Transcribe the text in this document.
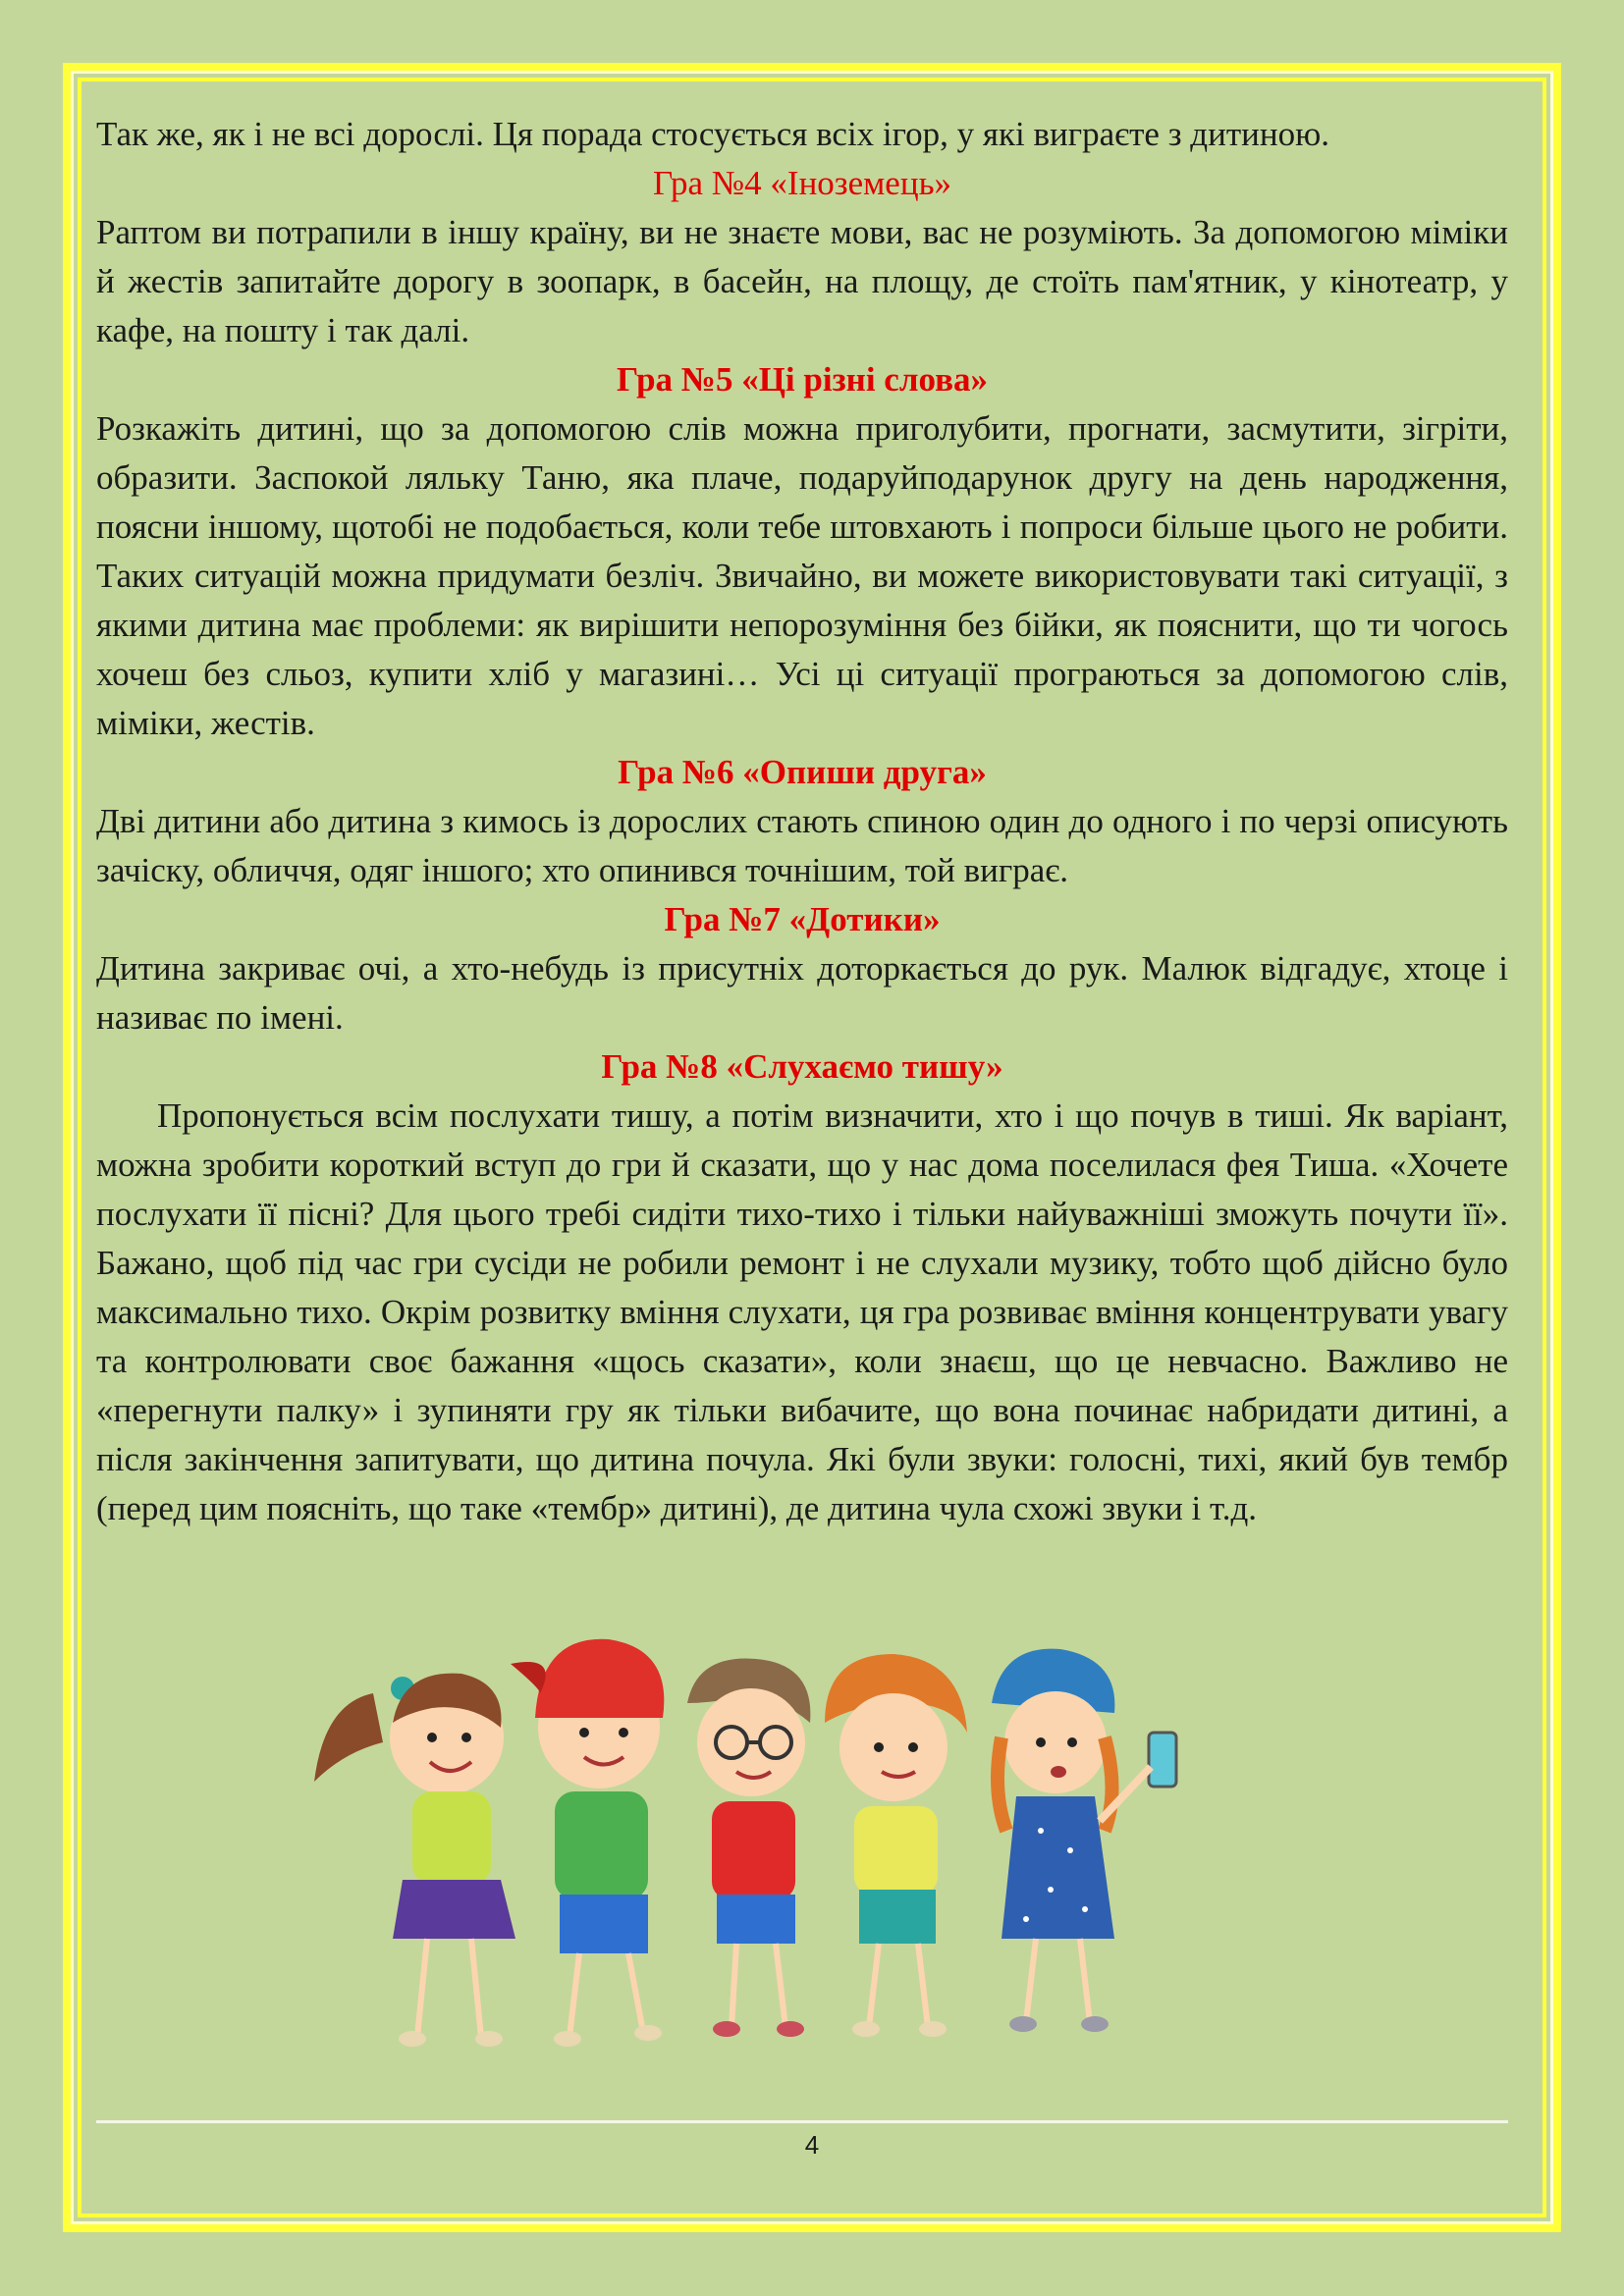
Так же, як і не всі дорослі. Ця порада стосується всіх ігор, у які виграєте з дитиною.

Гра №4 «Іноземець»

Раптом ви потрапили в іншу країну, ви не знаєте мови, вас не розуміють. За допомогою міміки й жестів запитайте дорогу в зоопарк, в басейн, на площу, де стоїть пам'ятник, у кінотеатр, у кафе, на пошту і так далі.

Гра №5 «Ці різні слова»

Розкажіть дитині, що за допомогою слів можна приголубити, прогнати, засмутити, зігріти, образити. Заспокой ляльку Таню, яка плаче, подаруйподарунок другу на день народження, поясни іншому, щотобі не подобається, коли тебе штовхають і попроси більше цього не робити. Таких ситуацій можна придумати безліч. Звичайно, ви можете використовувати такі ситуації, з якими дитина має проблеми: як вирішити непорозуміння без бійки, як пояснити, що ти чогось хочеш без сльоз, купити хліб у магазині… Усі ці ситуації програються за допомогою слів, міміки, жестів.

Гра №6 «Опиши друга»

Дві дитини або дитина з кимось із дорослих стають спиною один до одного і по черзі описують зачіску, обличчя, одяг іншого; хто опинився точнішим, той виграє.

Гра №7 «Дотики»

Дитина закриває очі, а хто-небудь із присутніх доторкається до рук. Малюк відгадує, хтоце і називає по імені.

Гра №8 «Слухаємо тишу»

Пропонується всім послухати тишу, а потім визначити, хто і що почув в тиші. Як варіант, можна зробити короткий вступ до гри й сказати, що у нас дома поселилася фея Тиша. «Хочете послухати її пісні? Для цього требі сидіти тихо-тихо і тільки найуважніші зможуть почути її». Бажано, щоб під час гри сусіди не робили ремонт і не слухали музику, тобто щоб дійсно було максимально тихо. Окрім розвитку вміння слухати, ця гра розвиває вміння концентрувати увагу та контролювати своє бажання «щось сказати», коли знаєш, що це невчасно. Важливо не «перегнути палку» і зупиняти гру як тільки вибачите, що вона починає набридати дитині, а після закінчення запитувати, що дитина почула. Які були звуки: голосні, тихі, який був тембр (перед цим поясніть, що таке «тембр» дитині), де дитина чула схожі звуки і т.д.

4
